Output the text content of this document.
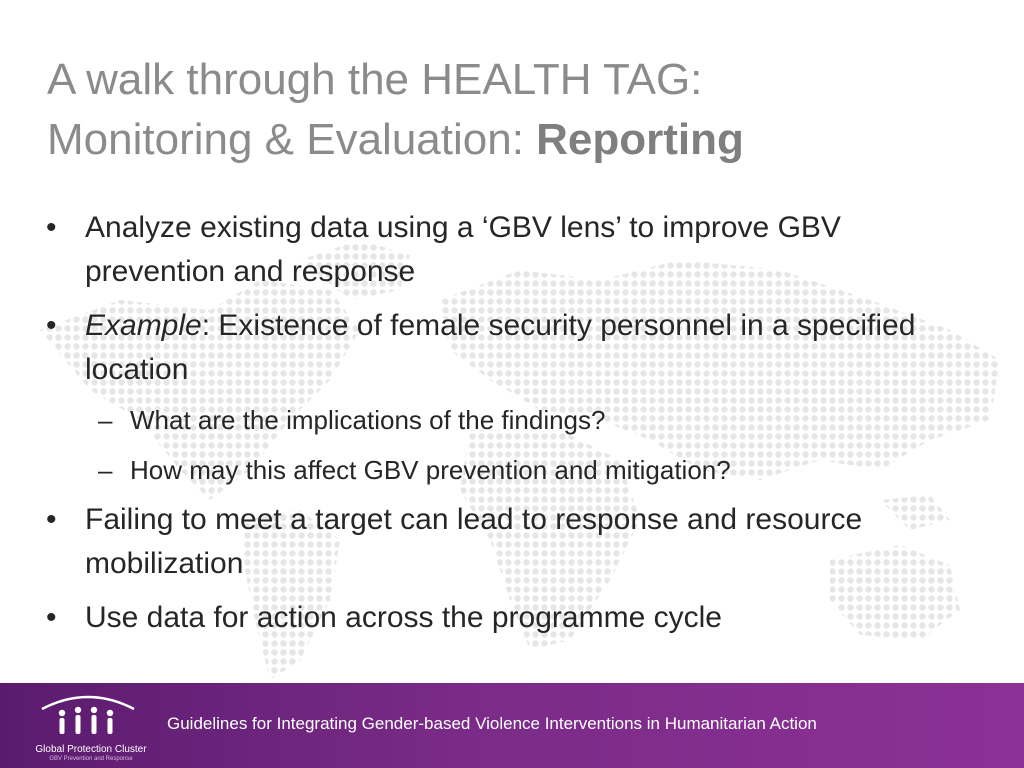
A walk through the HEALTH TAG:
Monitoring & Evaluation: Reporting
• Analyze existing data using a ‘GBV lens’ to improve GBV prevention and response
• Example: Existence of female security personnel in a specified location
– What are the implications of the findings?
– How may this affect GBV prevention and mitigation?
• Failing to meet a target can lead to response and resource mobilization
• Use data for action across the programme cycle
Global Protection Cluster
GBV Prevention and Response
Guidelines for Integrating Gender-based Violence Interventions in Humanitarian Action
